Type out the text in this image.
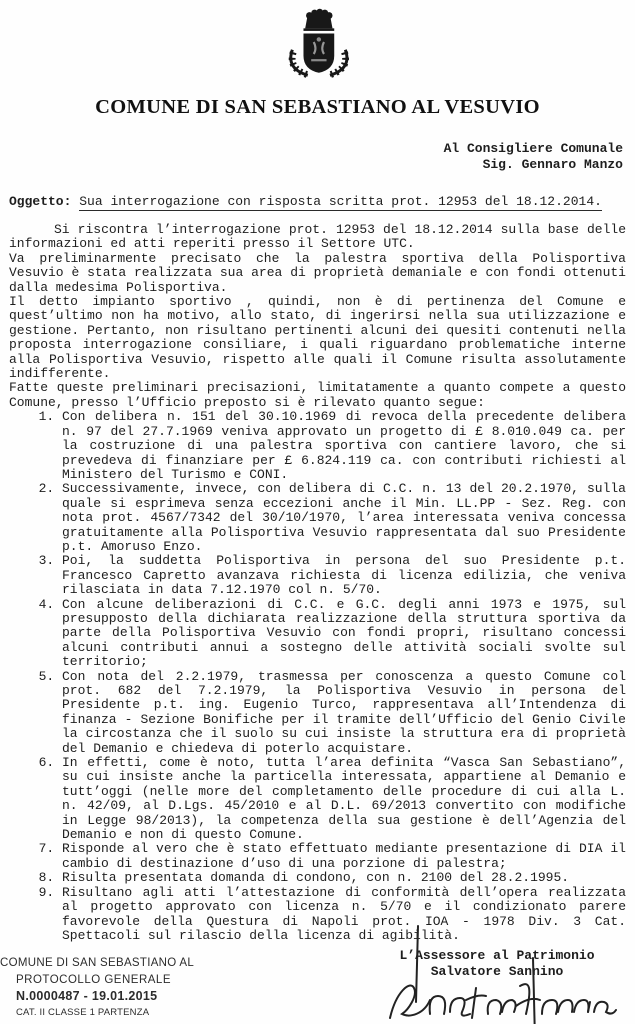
COMUNE DI SAN SEBASTIANO AL VESUVIO
Al Consigliere Comunale
Sig. Gennaro Manzo
Oggetto: Sua interrogazione con risposta scritta prot. 12953 del 18.12.2014.

Si riscontra l’interrogazione prot. 12953 del 18.12.2014 sulla base delle informazioni ed atti reperiti presso il Settore UTC.

Va preliminarmente precisato che la palestra sportiva della Polisportiva Vesuvio è stata realizzata sua area di proprietà demaniale e con fondi ottenuti dalla medesima Polisportiva.

Il detto impianto sportivo , quindi, non è di pertinenza del Comune e quest’ultimo non ha motivo, allo stato, di ingerirsi nella sua utilizzazione e gestione. Pertanto, non risultano pertinenti alcuni dei quesiti contenuti nella proposta interrogazione consiliare, i quali riguardano problematiche interne alla Polisportiva Vesuvio, rispetto alle quali il Comune risulta assolutamente indifferente.

Fatte queste preliminari precisazioni, limitatamente a quanto compete a questo Comune, presso l’Ufficio preposto si è rilevato quanto segue:

1. Con delibera n. 151 del 30.10.1969 di revoca della precedente delibera n. 97 del 27.7.1969 veniva approvato un progetto di £ 8.010.049 ca. per la costruzione di una palestra sportiva con cantiere lavoro, che si prevedeva di finanziare per £ 6.824.119 ca. con contributi richiesti al Ministero del Turismo e CONI.
2. Successivamente, invece, con delibera di C.C. n. 13 del 20.2.1970, sulla quale si esprimeva senza eccezioni anche il Min. LL.PP - Sez. Reg. con nota prot. 4567/7342 del 30/10/1970, l’area interessata veniva concessa gratuitamente alla Polisportiva Vesuvio rappresentata dal suo Presidente p.t. Amoruso Enzo.
3. Poi, la suddetta Polisportiva in persona del suo Presidente p.t. Francesco Capretto avanzava richiesta di licenza edilizia, che veniva rilasciata in data 7.12.1970 col n. 5/70.
4. Con alcune deliberazioni di C.C. e G.C. degli anni 1973 e 1975, sul presupposto della dichiarata realizzazione della struttura sportiva da parte della Polisportiva Vesuvio con fondi propri, risultano concessi alcuni contributi annui a sostegno delle attività sociali svolte sul territorio;
5. Con nota del 2.2.1979, trasmessa per conoscenza a questo Comune col prot. 682 del 7.2.1979, la Polisportiva Vesuvio in persona del Presidente p.t. ing. Eugenio Turco, rappresentava all’Intendenza di finanza - Sezione Bonifiche per il tramite dell’Ufficio del Genio Civile la circostanza che il suolo su cui insiste la struttura era di proprietà del Demanio e chiedeva di poterlo acquistare.
6. In effetti, come è noto, tutta l’area definita “Vasca San Sebastiano”, su cui insiste anche la particella interessata, appartiene al Demanio e tutt’oggi (nelle more del completamento delle procedure di cui alla L. n. 42/09, al D.Lgs. 45/2010 e al D.L. 69/2013 convertito con modifiche in Legge 98/2013), la competenza della sua gestione è dell’Agenzia del Demanio e non di questo Comune.
7. Risponde al vero che è stato effettuato mediante presentazione di DIA il cambio di destinazione d’uso di una porzione di palestra;
8. Risulta presentata domanda di condono, con n. 2100 del 28.2.1995.
9. Risultano agli atti l’attestazione di conformità dell’opera realizzata al progetto approvato con licenza n. 5/70 e il condizionato parere favorevole della Questura di Napoli prot. IOA - 1978 Div. 3 Cat. Spettacoli sul rilascio della licenza di agibilità.
COMUNE DI SAN SEBASTIANO AL
PROTOCOLLO GENERALE
N.0000487 - 19.01.2015
CAT. II CLASSE 1 PARTENZA
L’Assessore al Patrimonio
Salvatore Sannino
